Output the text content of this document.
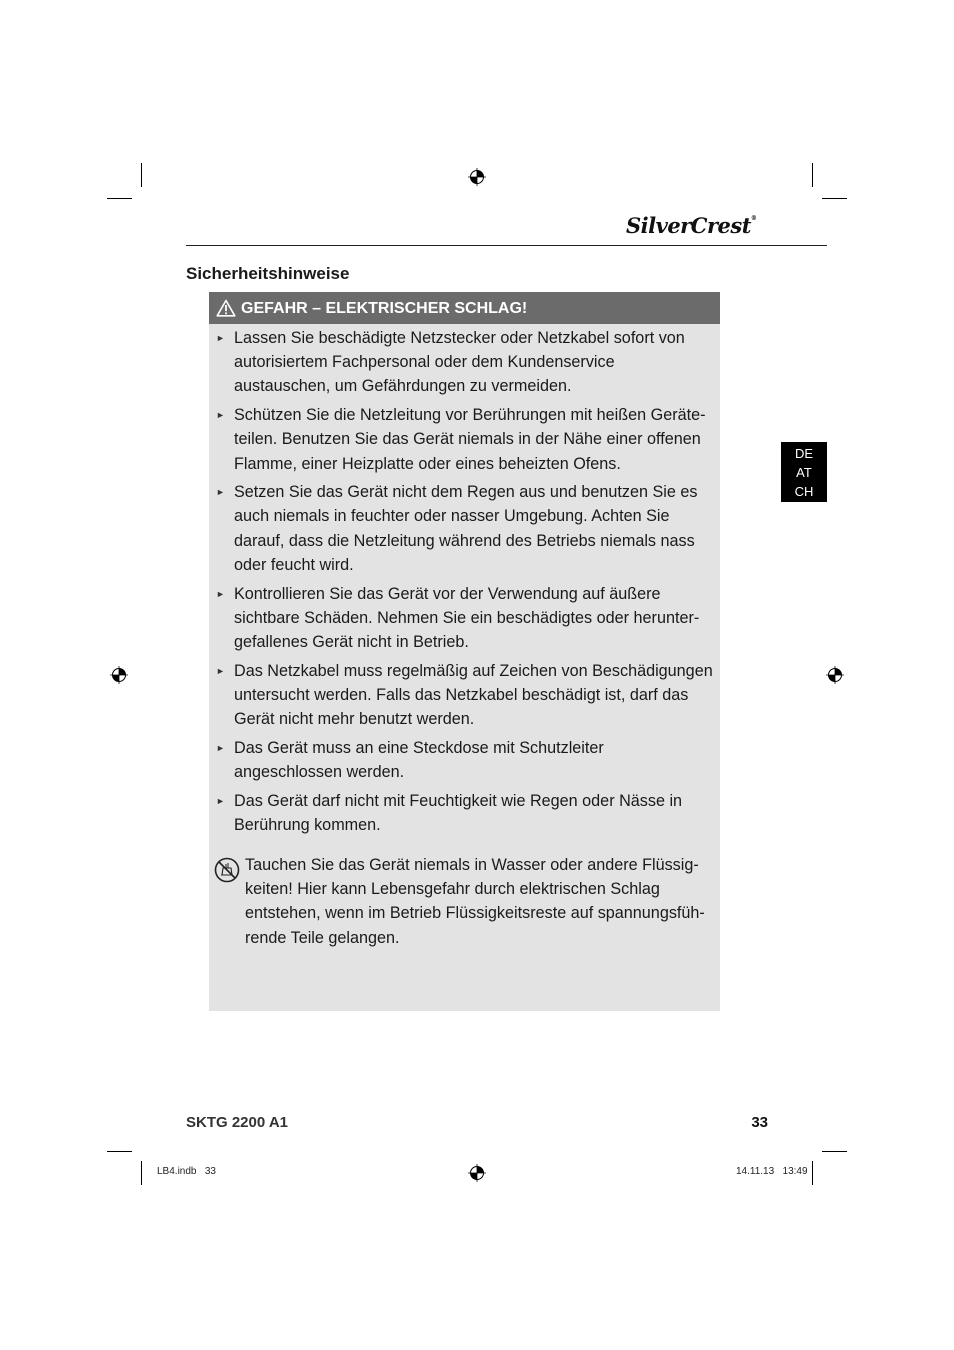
SilverCrest®
Sicherheitshinweise
DE
AT
CH
GEFAHR – ELEKTRISCHER SCHLAG!
► Lassen Sie beschädigte Netzstecker oder Netzkabel sofort von autorisiertem Fachpersonal oder dem Kundenservice austauschen, um Gefährdungen zu vermeiden.
► Schützen Sie die Netzleitung vor Berührungen mit heißen Geräteteilen. Benutzen Sie das Gerät niemals in der Nähe einer offenen Flamme, einer Heizplatte oder eines beheizten Ofens.
► Setzen Sie das Gerät nicht dem Regen aus und benutzen Sie es auch niemals in feuchter oder nasser Umgebung. Achten Sie darauf, dass die Netzleitung während des Betriebs niemals nass oder feucht wird.
► Kontrollieren Sie das Gerät vor der Verwendung auf äußere sichtbare Schäden. Nehmen Sie ein beschädigtes oder heruntergefallenes Gerät nicht in Betrieb.
► Das Netzkabel muss regelmäßig auf Zeichen von Beschädigungen untersucht werden. Falls das Netzkabel beschädigt ist, darf das Gerät nicht mehr benutzt werden.
► Das Gerät muss an eine Steckdose mit Schutzleiter angeschlossen werden.
► Das Gerät darf nicht mit Feuchtigkeit wie Regen oder Nässe in Berührung kommen.
Tauchen Sie das Gerät niemals in Wasser oder andere Flüssigkeiten! Hier kann Lebensgefahr durch elektrischen Schlag entstehen, wenn im Betrieb Flüssigkeitsreste auf spannungsführende Teile gelangen.
SKTG 2200 A1	33
LB4.indb   33	14.11.13   13:49
